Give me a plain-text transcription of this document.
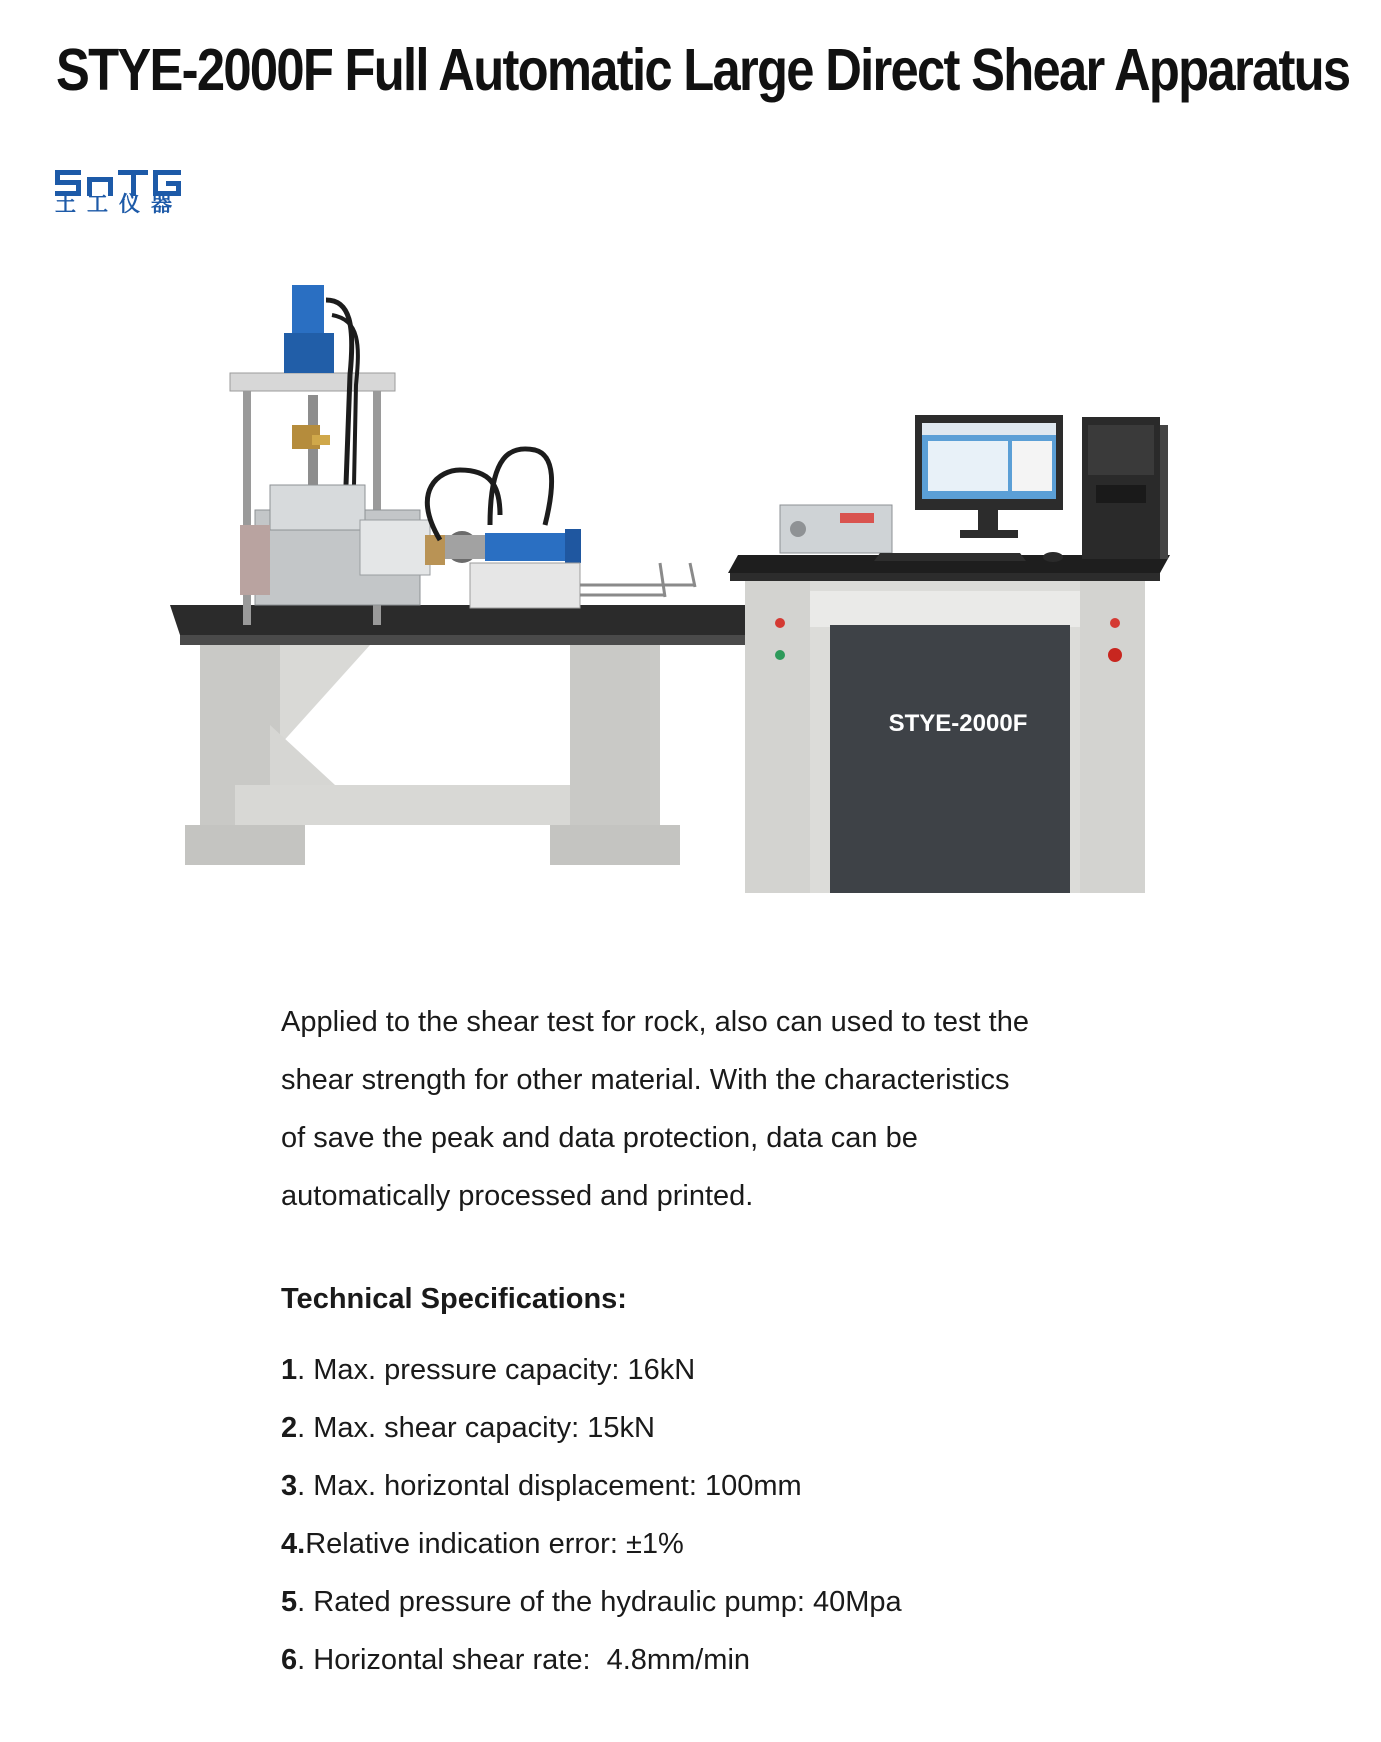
STYE-2000F Full Automatic Large Direct Shear Apparatus
土工仪器
STYE-2000F

Applied to the shear test for rock, also can used to test the shear strength for other material. With the characteristics of save the peak and data protection, data can be automatically processed and printed.

Technical Specifications:
1. Max. pressure capacity: 16kN
2. Max. shear capacity: 15kN
3. Max. horizontal displacement: 100mm
4.Relative indication error: ±1%
5. Rated pressure of the hydraulic pump: 40Mpa
6. Horizontal shear rate:  4.8mm/min
